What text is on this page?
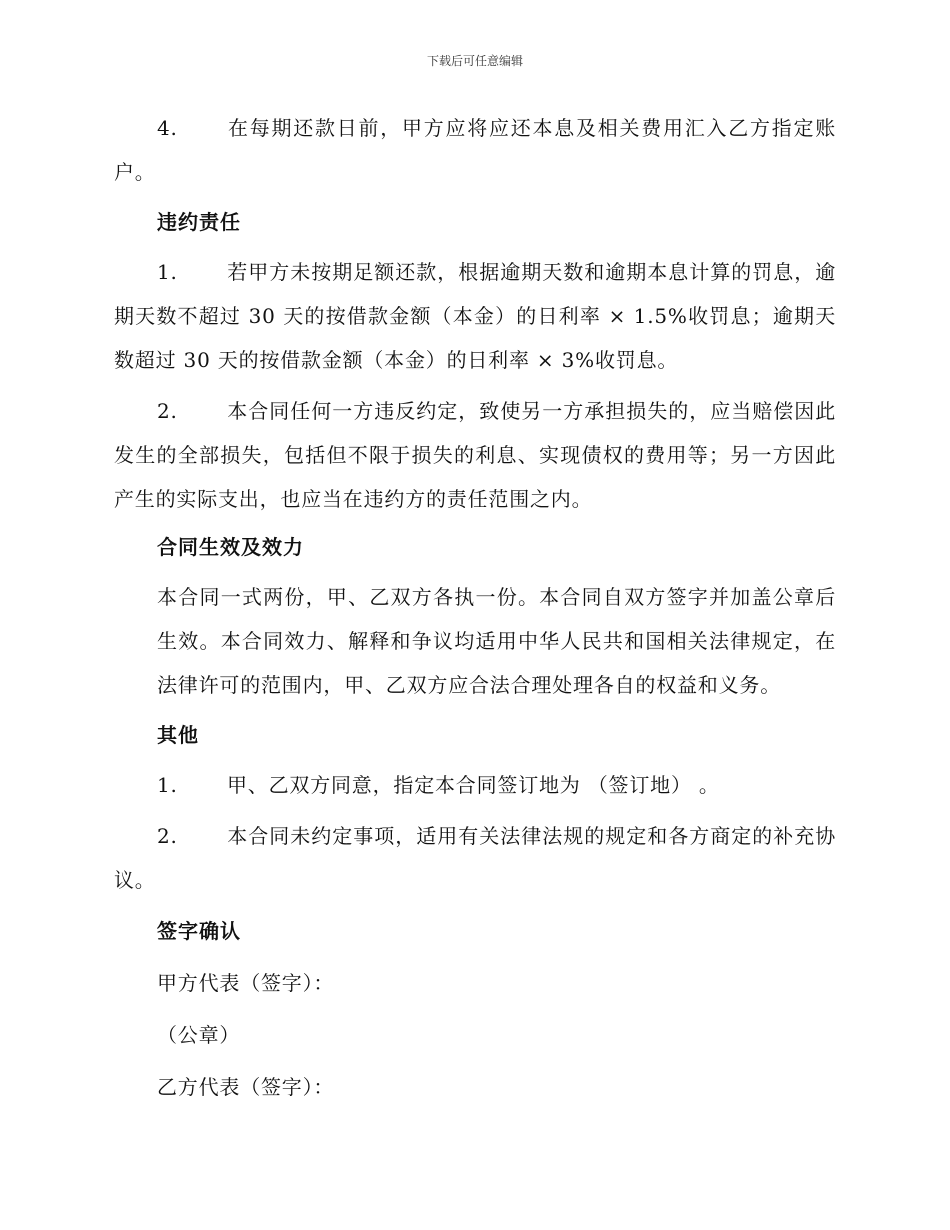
下载后可任意编辑
4. 在每期还款日前，甲方应将应还本息及相关费用汇入乙方指定账户。
违约责任
1. 若甲方未按期足额还款，根据逾期天数和逾期本息计算的罚息，逾期天数不超过 30 天的按借款金额（本金）的日利率 × 1.5%收罚息；逾期天数超过 30 天的按借款金额（本金）的日利率 × 3%收罚息。
2. 本合同任何一方违反约定，致使另一方承担损失的，应当赔偿因此发生的全部损失，包括但不限于损失的利息、实现债权的费用等；另一方因此产生的实际支出，也应当在违约方的责任范围之内。
合同生效及效力
本合同一式两份，甲、乙双方各执一份。本合同自双方签字并加盖公章后生效。本合同效力、解释和争议均适用中华人民共和国相关法律规定，在法律许可的范围内，甲、乙双方应合法合理处理各自的权益和义务。
其他
1. 甲、乙双方同意，指定本合同签订地为 （签订地） 。
2. 本合同未约定事项，适用有关法律法规的规定和各方商定的补充协议。
签字确认
甲方代表（签字）：
（公章）
乙方代表（签字）：
